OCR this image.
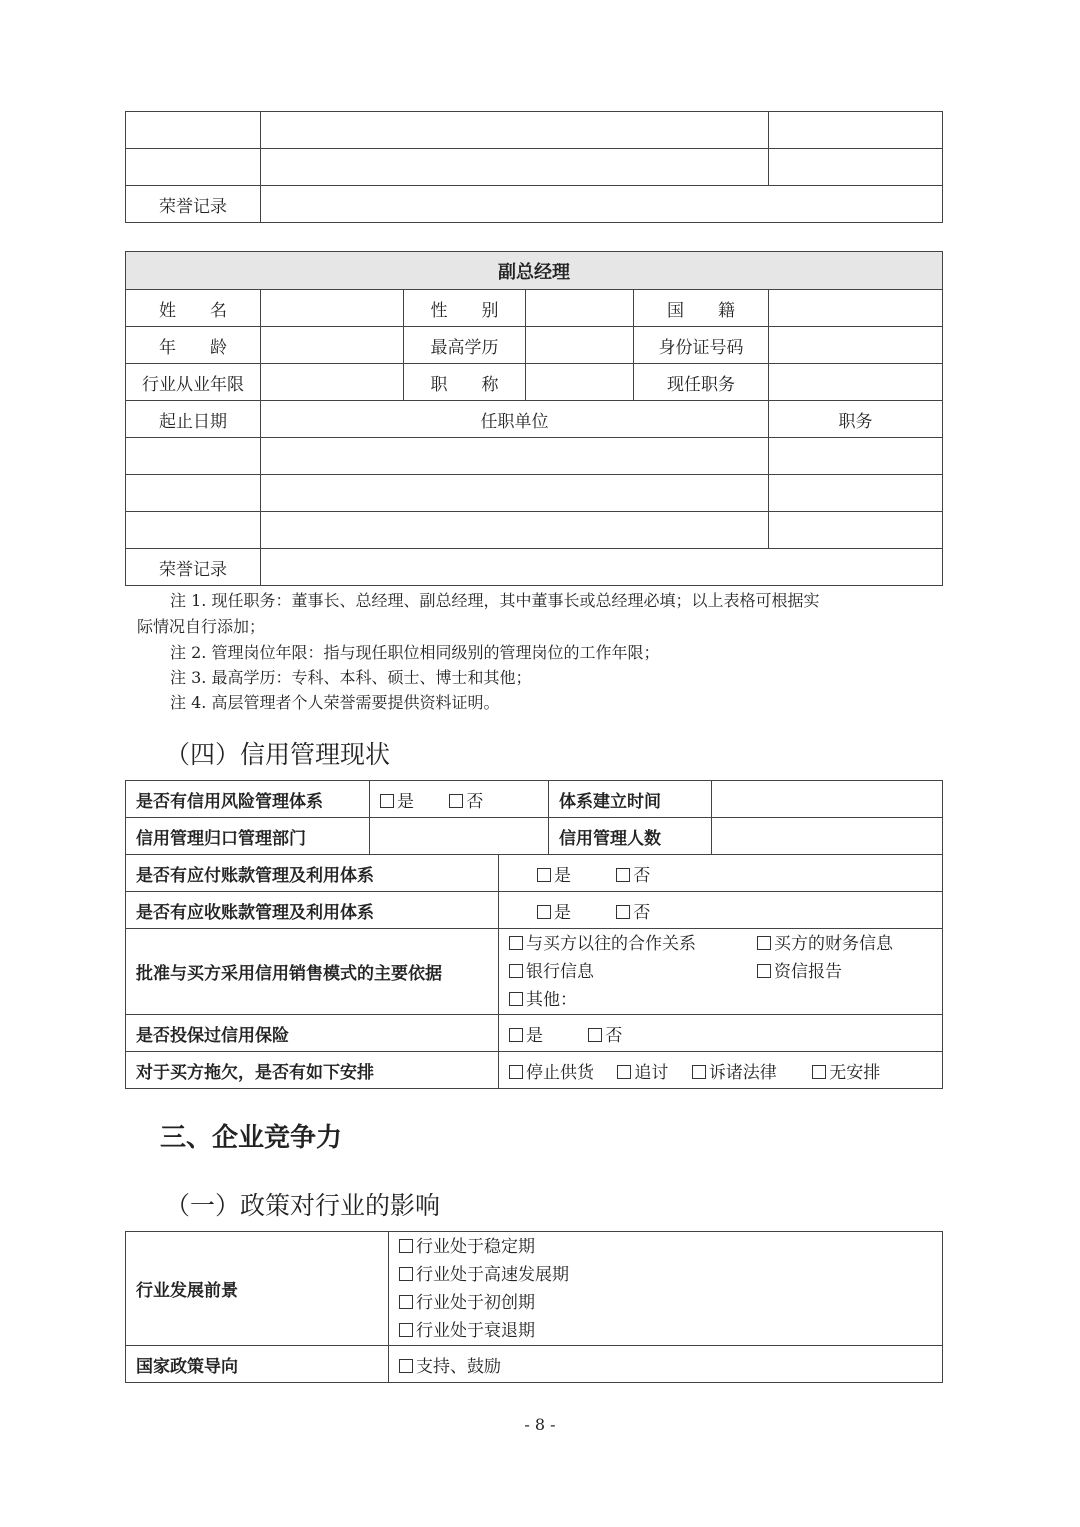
荣誉记录		
副总经理					
姓　　名		性　　别		国　　籍	
年　　龄		最高学历		身份证号码	
行业从业年限		职　　称		现任职务	
起止日期	任职单位				职务

荣誉记录					
注 1. 现任职务：董事长、总经理、副总经理，其中董事长或总经理必填；以上表格可根据实
际情况自行添加；
注 2. 管理岗位年限：指与现任职位相同级别的管理岗位的工作年限；
注 3. 最高学历：专科、本科、硕士、博士和其他；
注 4. 高层管理者个人荣誉需要提供资料证明。
（四）信用管理现状
是否有信用风险管理体系	是 否		体系建立时间	
信用管理归口管理部门			信用管理人数	
是否有应付账款管理及利用体系		是 否		
是否有应收账款管理及利用体系		是 否		
批准与买方采用信用销售模式的主要依据		与买方以往的合作关系 买方的财务信息
银行信息 资信报告
其他：		

是否投保过信用保险		是 否		
对于买方拖欠，是否有如下安排		停止供货 追讨 诉诸法律 无安排		
三、企业竞争力
（一）政策对行业的影响
行业发展前景	行业处于稳定期
行业处于高速发展期
行业处于初创期
行业处于衰退期

国家政策导向	支持、鼓励
- 8 -
